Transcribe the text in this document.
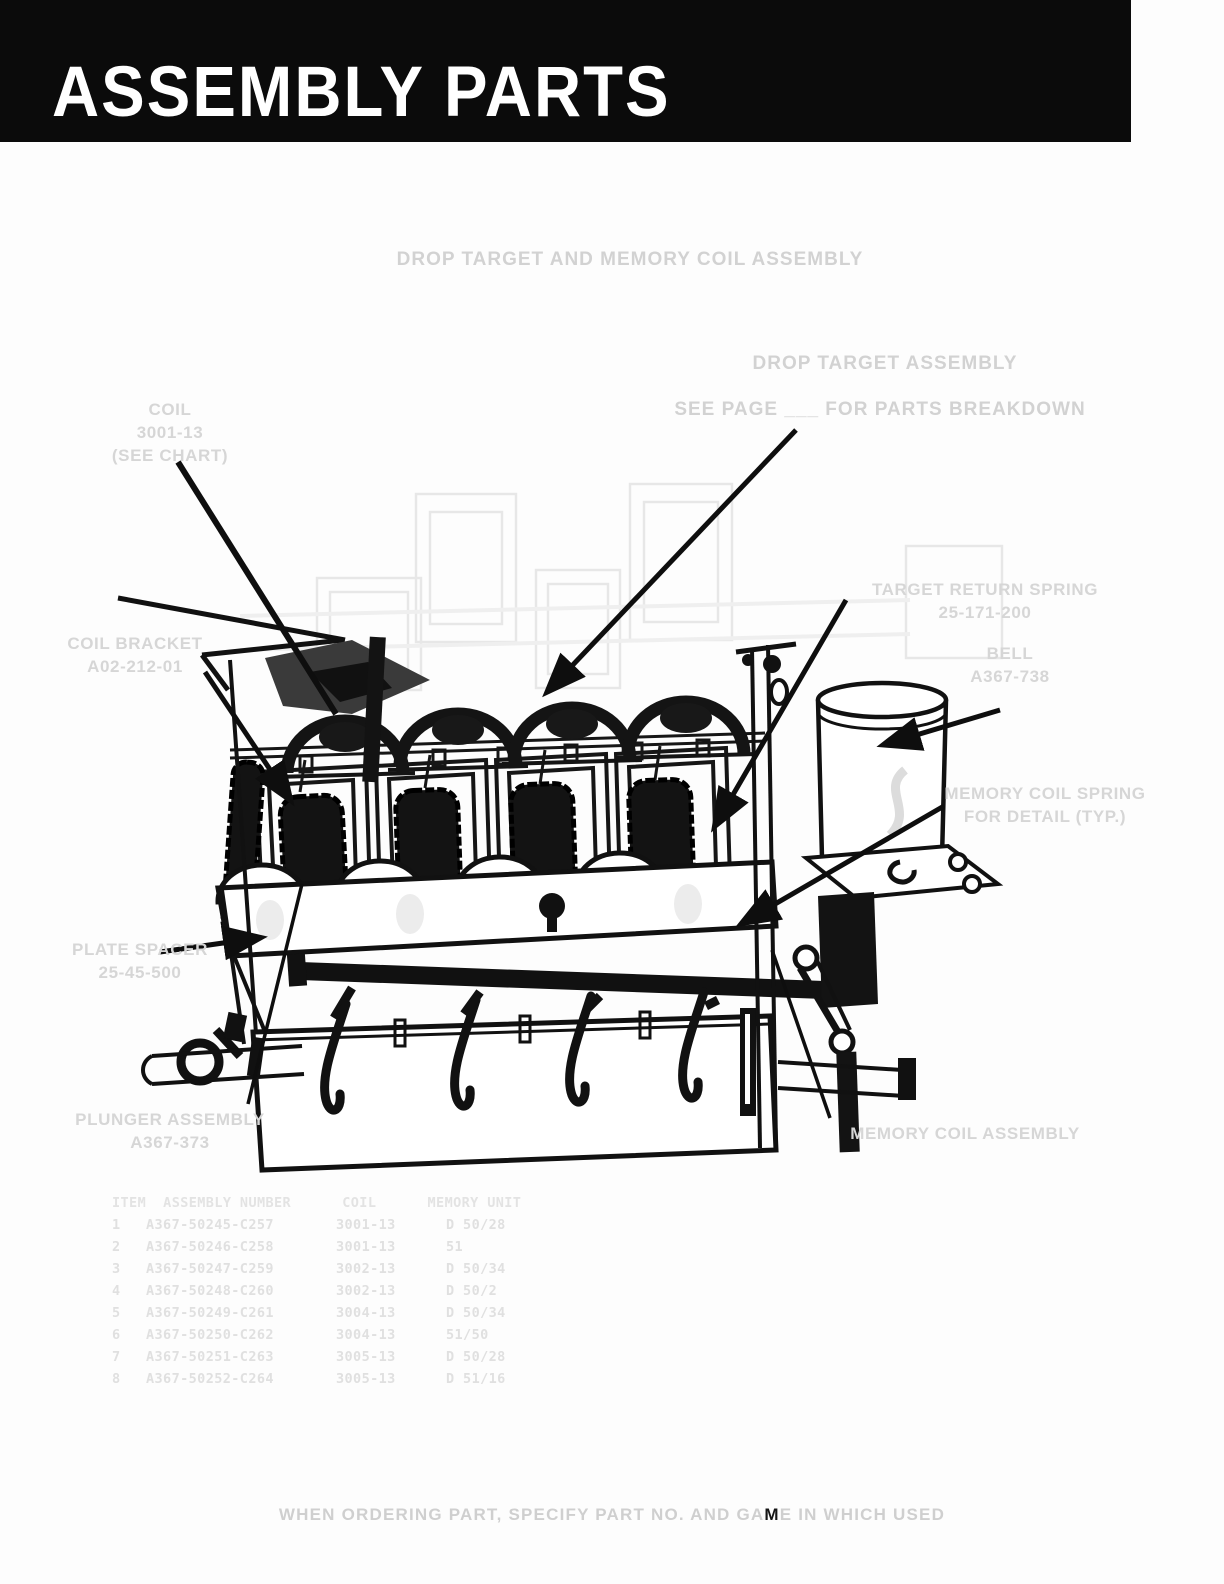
ASSEMBLY PARTS
DROP TARGET AND MEMORY COIL ASSEMBLY
DROP TARGET ASSEMBLY
SEE PAGE ___ FOR PARTS BREAKDOWN
COIL
3001-13
(SEE CHART)
COIL BRACKET
A02-212-01
TARGET RETURN SPRING
25-171-200
BELL
A367-738
MEMORY COIL SPRING
FOR DETAIL (TYP.)
PLATE SPACER
25-45-500
PLUNGER ASSEMBLY
A367-373	MEMORY COIL ASSEMBLY
ITEM  ASSEMBLY NUMBER      COIL      MEMORY UNIT
1	A367-50245-C257	3001-13	D 50/28
2	A367-50246-C258	3001-13	51
3	A367-50247-C259	3002-13	D 50/34
4	A367-50248-C260	3002-13	D 50/2
5	A367-50249-C261	3004-13	D 50/34
6	A367-50250-C262	3004-13	51/50
7	A367-50251-C263	3005-13	D 50/28
8	A367-50252-C264	3005-13	D 51/16
WHEN ORDERING PART, SPECIFY PART NO. AND GAME IN WHICH USED
